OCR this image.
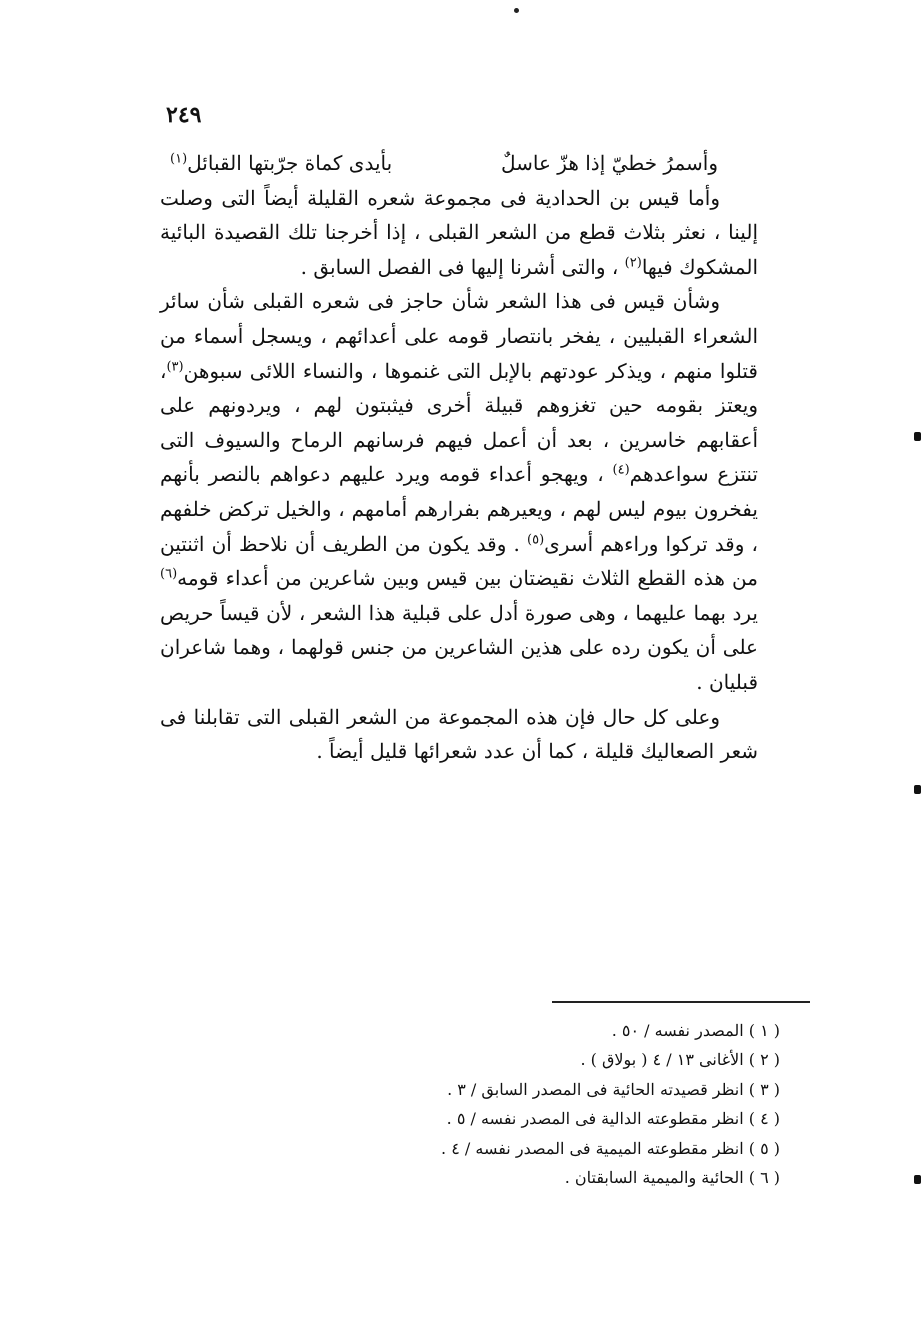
٢٤٩
وأسمرُ خطيّ إذا هزّ عاسلٌ
بأيدى كماة جرّبتها القبائل$^{(١)}$

وأما قيس بن الحدادية فى مجموعة شعره القليلة أيضاً التى وصلت إلينا ، نعثر بثلاث قطع من الشعر القبلى ، إذا أخرجنا تلك القصيدة البائية المشكوك فيها$^{(٢)}$ ، والتى أشرنا إليها فى الفصل السابق .

وشأن قيس فى هذا الشعر شأن حاجز فى شعره القبلى شأن سائر الشعراء القبليين ، يفخر بانتصار قومه على أعدائهم ، ويسجل أسماء من قتلوا منهم ، ويذكر عودتهم بالإبل التى غنموها ، والنساء اللائى سبوهن$^{(٣)}$، ويعتز بقومه حين تغزوهم قبيلة أخرى فيثبتون لهم ، ويردونهم على أعقابهم خاسرين ، بعد أن أعمل فيهم فرسانهم الرماح والسيوف التى تنتزع سواعدهم$^{(٤)}$ ، ويهجو أعداء قومه ويرد عليهم دعواهم بالنصر بأنهم يفخرون بيوم ليس لهم ، ويعيرهم بفرارهم أمامهم ، والخيل تركض خلفهم ، وقد تركوا وراءهم أسرى$^{(٥)}$ . وقد يكون من الطريف أن نلاحظ أن اثنتين من هذه القطع الثلاث نقيضتان بين قيس وبين شاعرين من أعداء قومه$^{(٦)}$ يرد بهما عليهما ، وهى صورة أدل على قبلية هذا الشعر ، لأن قيساً حريص على أن يكون رده على هذين الشاعرين من جنس قولهما ، وهما شاعران قبليان .

وعلى كل حال فإن هذه المجموعة من الشعر القبلى التى تقابلنا فى شعر الصعاليك قليلة ، كما أن عدد شعرائها قليل أيضاً .

( ١ ) المصدر نفسه / ٥٠ .
( ٢ ) الأغانى ١٣ / ٤ ( بولاق ) .
( ٣ ) انظر قصيدته الحائية فى المصدر السابق / ٣ .
( ٤ ) انظر مقطوعته الدالية فى المصدر نفسه / ٥ .
( ٥ ) انظر مقطوعته الميمية فى المصدر نفسه / ٤ .
( ٦ ) الحائية والميمية السابقتان .
